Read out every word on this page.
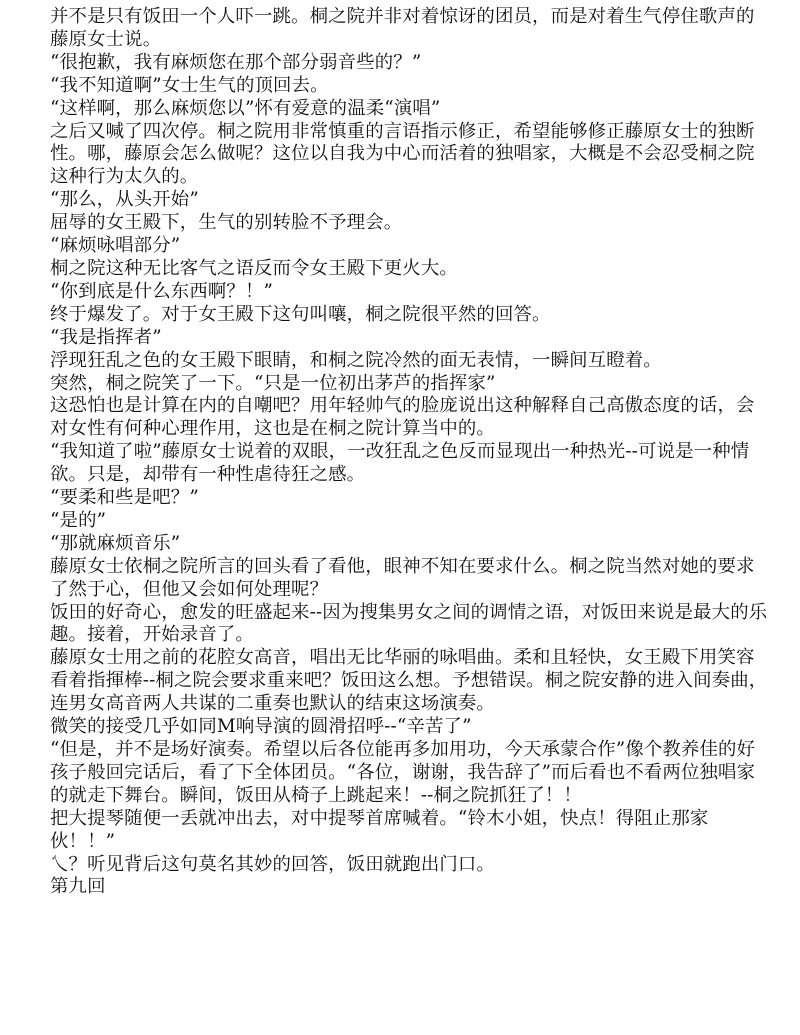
并不是只有饭田一个人吓一跳。桐之院并非对着惊讶的团员，而是对着生气停住歌声的藤原女士说。

“很抱歉，我有麻烦您在那个部分弱音些的？”

“我不知道啊”女士生气的顶回去。

“这样啊，那么麻烦您以”怀有爱意的温柔“演唱”

之后又喊了四次停。桐之院用非常慎重的言语指示修正，希望能够修正藤原女士的独断性。哪，藤原会怎么做呢？这位以自我为中心而活着的独唱家，大概是不会忍受桐之院这种行为太久的。

“那么，从头开始”

屈辱的女王殿下，生气的别转脸不予理会。

“麻烦咏唱部分”

桐之院这种无比客气之语反而令女王殿下更火大。

“你到底是什么东西啊？！”

终于爆发了。对于女王殿下这句叫嚷，桐之院很平然的回答。

“我是指挥者”

浮现狂乱之色的女王殿下眼睛，和桐之院冷然的面无表情，一瞬间互瞪着。

突然，桐之院笑了一下。“只是一位初出茅芦的指挥家”

这恐怕也是计算在内的自嘲吧？用年轻帅气的脸庞说出这种解释自己高傲态度的话，会对女性有何种心理作用，这也是在桐之院计算当中的。

“我知道了啦”藤原女士说着的双眼，一改狂乱之色反而显现出一种热光--可说是一种情欲。只是，却带有一种性虐待狂之感。

“要柔和些是吧？”

“是的”

“那就麻烦音乐”

藤原女士依桐之院所言的回头看了看他，眼神不知在要求什么。桐之院当然对她的要求了然于心，但他又会如何处理呢？

饭田的好奇心，愈发的旺盛起来--因为搜集男女之间的调情之语，对饭田来说是最大的乐趣。接着，开始录音了。

藤原女士用之前的花腔女高音，唱出无比华丽的咏唱曲。柔和且轻快，女王殿下用笑容看着指揮棒--桐之院会要求重来吧？饭田这么想。予想错误。桐之院安静的进入间奏曲，连男女高音两人共谋的二重奏也默认的结束这场演奏。

微笑的接受几乎如同M响导演的圆滑招呼--“辛苦了”

“但是，并不是场好演奏。希望以后各位能再多加用功，今天承蒙合作”像个教养佳的好孩子般回完话后，看了下全体团员。“各位，谢谢，我告辞了”而后看也不看两位独唱家的就走下舞台。瞬间，饭田从椅子上跳起来！--桐之院抓狂了！！

把大提琴随便一丢就冲出去，对中提琴首席喊着。“铃木小姐，快点！得阻止那家伙！！”

乀？听见背后这句莫名其妙的回答，饭田就跑出门口。

第九回
